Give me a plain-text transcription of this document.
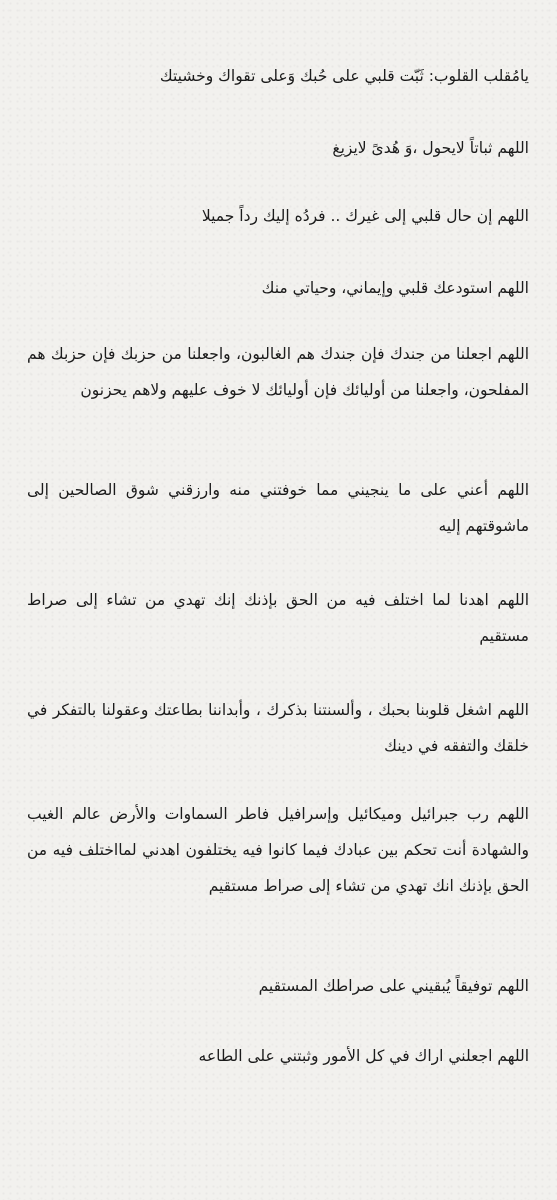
يامُقلب القلوب: ثَبّت قلبي على حُبك وَعلى تقواك وخشيتك

اللهم ثباتاً لايحول ،وَ هُدىً لايزيغ

اللهم إن حال قلبي إلى غيرك .. فردُه إليك رداً جميلا

اللهم استودعك قلبي وإيماني، وحياتي منك

اللهم اجعلنا من جندك فإن جندك هم الغالبون، واجعلنا من حزبك فإن حزبك هم المفلحون، واجعلنا من أوليائك فإن أوليائك لا خوف عليهم ولاهم يحزنون

اللهم أعني على ما ينجيني مما خوفتني منه وارزقني شوق الصالحين إلى ماشوقتهم إليه

اللهم اهدنا لما اختلف فيه من الحق بإذنك إنك تهدي من تشاء إلى صراط مستقيم

اللهم اشغل قلوبنا بحبك ، وألسنتنا بذكرك ، وأبداننا بطاعتك وعقولنا بالتفكر في خلقك والتفقه في دينك

اللهم رب جبرائيل وميكائيل وإسرافيل فاطر السماوات والأرض عالم الغيب والشهادة أنت تحكم بين عبادك فيما كانوا فيه يختلفون اهدني لمااختلف فيه من الحق بإذنك انك تهدي من تشاء إلى صراط مستقيم

اللهم توفيقاً يُبقيني على صراطك المستقيم

اللهم اجعلني اراك في كل الأمور وثبتني على الطاعه
